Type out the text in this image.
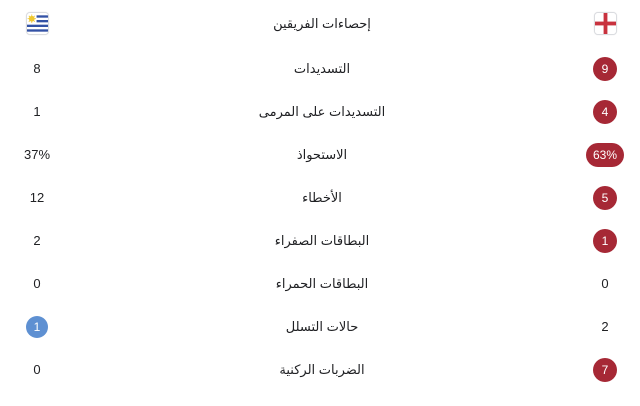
إحصاءات الفريقين
8	التسديدات	9
1	التسديدات على المرمى	4
37%	الاستحواذ	63%
12	الأخطاء	5
2	البطاقات الصفراء	1
0	البطاقات الحمراء	0
1	حالات التسلل	2
0	الضربات الركنية	7
